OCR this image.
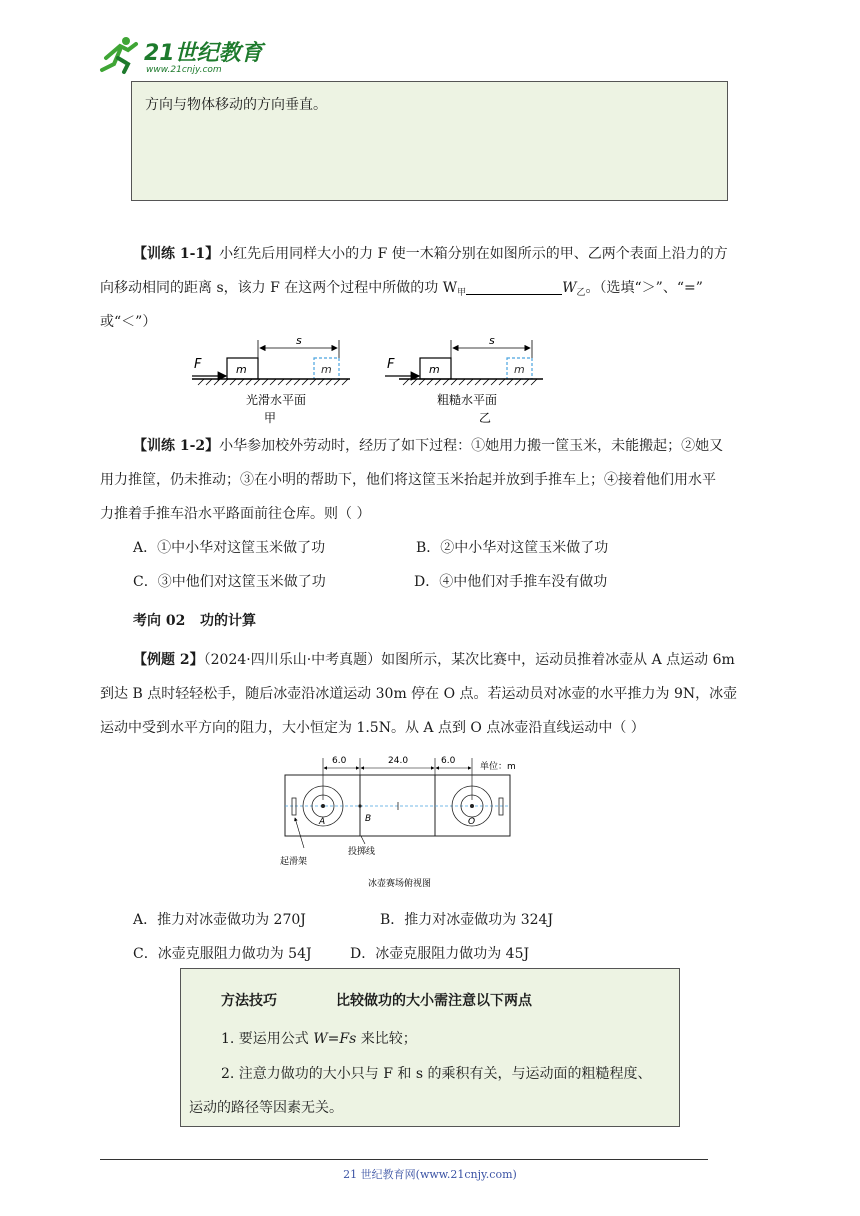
21世纪教育
www.21cnjy.com

方向与物体移动的方向垂直。

【训练 1-1】小红先后用同样大小的力 F 使一木箱分别在如图所示的甲、乙两个表面上沿力的方
向移动相同的距离 s，该力 F 在这两个过程中所做的功 $W_甲$	$W_乙$。（选填“＞”、“=”
或“＜”）
F	m	m
s
光滑水平面
甲
F	m	m
s
粗糙水平面
乙
【训练 1-2】小华参加校外劳动时，经历了如下过程：①她用力搬一筐玉米，未能搬起；②她又
用力推筐，仍未推动；③在小明的帮助下，他们将这筐玉米抬起并放到手推车上；④接着他们用水平
力推着手推车沿水平路面前往仓库。则（ ）
A．①中小华对这筐玉米做了功	B．②中小华对这筐玉米做了功
C．③中他们对这筐玉米做了功	D．④中他们对手推车没有做功
考向 02 功的计算
【例题 2】（2024·四川乐山·中考真题）如图所示，某次比赛中，运动员推着冰壶从 A 点运动 6m
到达 B 点时轻轻松手，随后冰壶沿冰道运动 30m 停在 O 点。若运动员对冰壶的水平推力为 9N，冰壶
运动中受到水平方向的阻力，大小恒定为 1.5N。从 A 点到 O 点冰壶沿直线运动中（ ）
6.0	24.0	6.0
单位：m
A	B	O
起滑架
投掷线
冰壶赛场俯视图
A．推力对冰壶做功为 270J	B．推力对冰壶做功为 324J
C．冰壶克服阻力做功为 54J	D．冰壶克服阻力做功为 45J
方法技巧	比较做功的大小需注意以下两点
1. 要运用公式 W=Fs 来比较；
2. 注意力做功的大小只与 F 和 s 的乘积有关，与运动面的粗糙程度、
运动的路径等因素无关。
21 世纪教育网(www.21cnjy.com)
